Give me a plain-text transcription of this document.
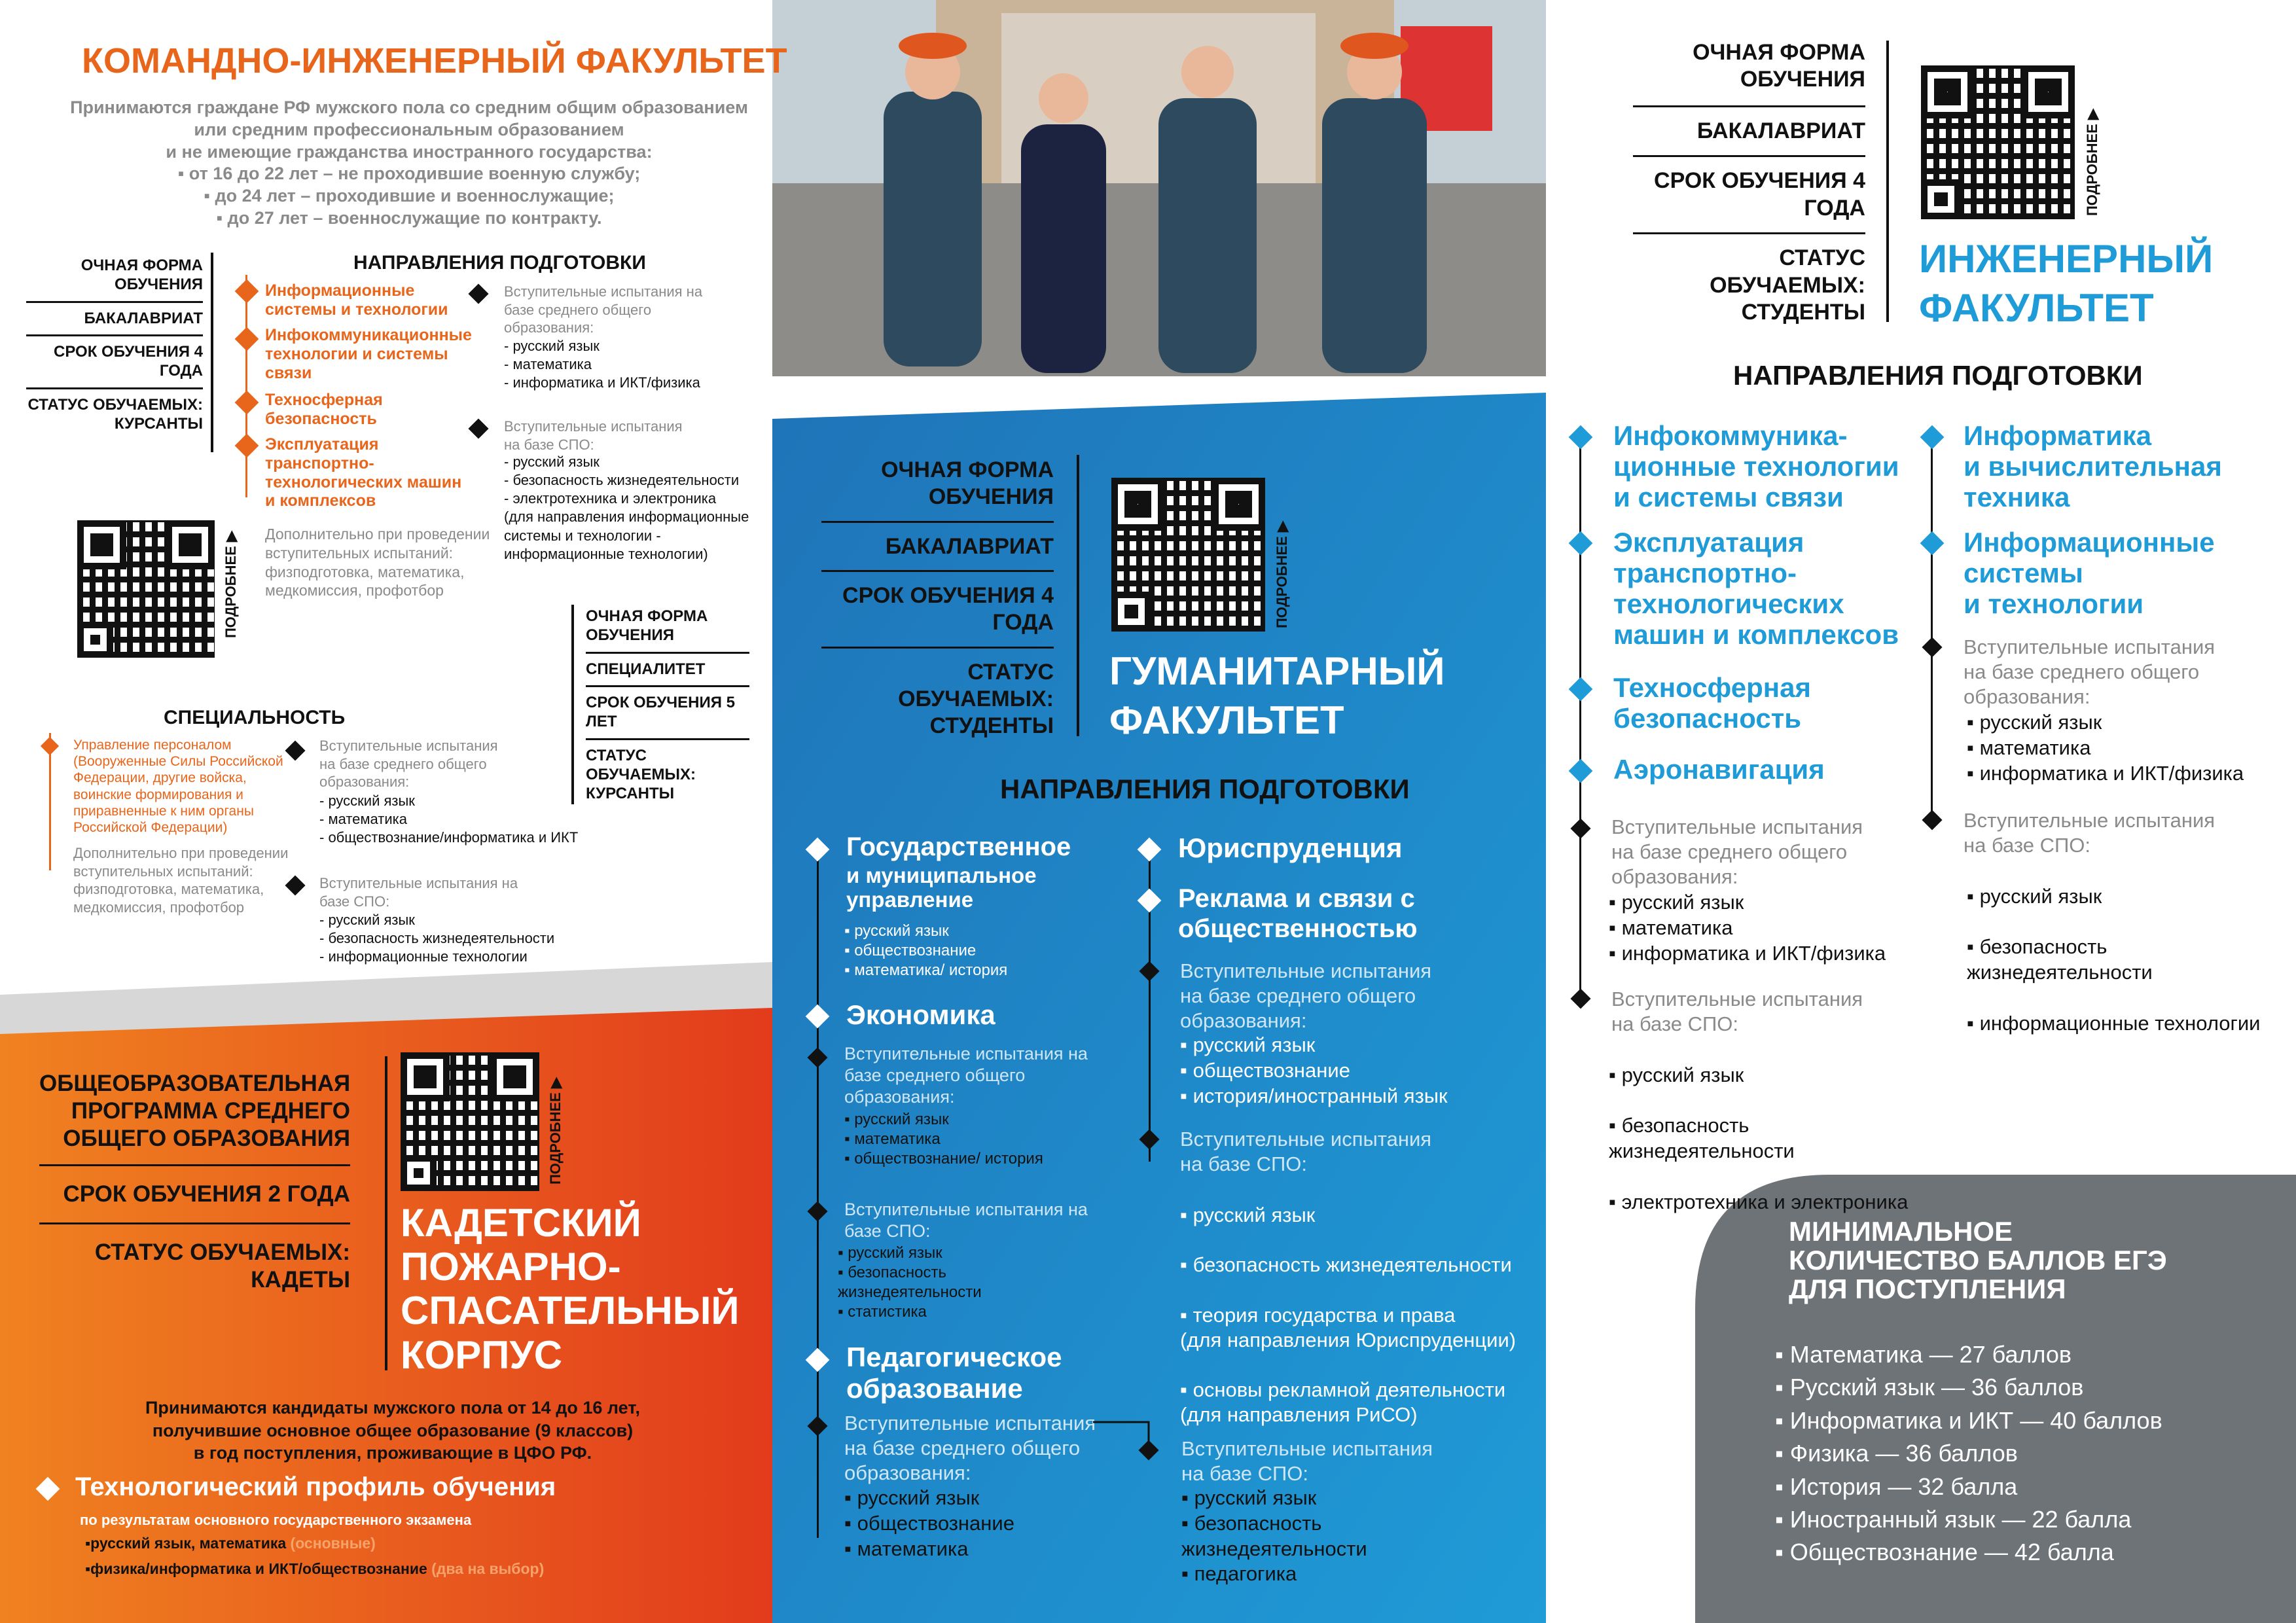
КОМАНДНО-ИНЖЕНЕРНЫЙ ФАКУЛЬТЕТ
Принимаются граждане РФ мужского пола со средним общим образованием
или средним профессиональным образованием
и не имеющие гражданства иностранного государства:
▪ от 16 до 22 лет – не проходившие военную службу;
▪ до 24 лет – проходившие и военнослужащие;
▪ до 27 лет – военнослужащие по контракту.
ОЧНАЯ ФОРМА ОБУЧЕНИЯ
БАКАЛАВРИАТ
СРОК ОБУЧЕНИЯ 4 ГОДА
СТАТУС ОБУЧАЕМЫХ: КУРСАНТЫ
НАПРАВЛЕНИЯ ПОДГОТОВКИ
Информационные системы и технологии
Инфокоммуникационные технологии и системы связи
Техносферная безопасность
Эксплуатация транспортно-технологических машин и комплексов
Дополнительно при проведении вступительных испытаний: физподготовка, математика, медкомиссия, профотбор
Вступительные испытания на базе среднего общего образования:
- русский язык
- математика
- информатика и ИКТ/физика
Вступительные испытания на базе СПО:
- русский язык
- безопасность жизнедеятельности
- электротехника и электроника
(для направления информационные системы и технологии - информационные технологии)
ПОДРОБНЕЕ ▶	ОЧНАЯ ФОРМА ОБУЧЕНИЯ
СПЕЦИАЛИТЕТ
СРОК ОБУЧЕНИЯ 5 ЛЕТ
СТАТУС ОБУЧАЕМЫХ: КУРСАНТЫ
СПЕЦИАЛЬНОСТЬ
Управление персоналом (Вооруженные Силы Российской Федерации, другие войска, воинские формирования и приравненные к ним органы Российской Федерации)
Дополнительно при проведении вступительных испытаний: физподготовка, математика, медкомиссия, профотбор
Вступительные испытания на базе среднего общего образования:
- русский язык
- математика
- обществознание/информатика и ИКТ
Вступительные испытания на базе СПО:
- русский язык
- безопасность жизнедеятельности
- информационные технологии
ОБЩЕОБРАЗОВАТЕЛЬНАЯ ПРОГРАММА СРЕДНЕГО ОБЩЕГО ОБРАЗОВАНИЯ
СРОК ОБУЧЕНИЯ 2 ГОДА
СТАТУС ОБУЧАЕМЫХ: КАДЕТЫ
ПОДРОБНЕЕ ▶
КАДЕТСКИЙ ПОЖАРНО-СПАСАТЕЛЬНЫЙ КОРПУС
Принимаются кандидаты мужского пола от 14 до 16 лет,
получившие основное общее образование (9 классов)
в год поступления, проживающие в ЦФО РФ.
Технологический профиль обучения
по результатам основного государственного экзамена
▪русский язык, математика (основные)
▪физика/информатика и ИКТ/обществознание (два на выбор)
ОЧНАЯ ФОРМА ОБУЧЕНИЯ
БАКАЛАВРИАТ
СРОК ОБУЧЕНИЯ 4 ГОДА
СТАТУС ОБУЧАЕМЫХ: СТУДЕНТЫ
ПОДРОБНЕЕ ▶
ГУМАНИТАРНЫЙ ФАКУЛЬТЕТ
НАПРАВЛЕНИЯ ПОДГОТОВКИ
Государственное
и муниципальное управление
▪ русский язык
▪ обществознание
▪ математика/ история
Экономика
Вступительные испытания на базе среднего общего образования:
▪ русский язык
▪ математика
▪ обществознание/ история
Вступительные испытания на базе СПО:
▪ русский язык
▪ безопасность жизнедеятельности
▪ статистика
Педагогическое образование
Вступительные испытания на базе среднего общего образования:
▪ русский язык
▪ обществознание
▪ математика
Вступительные испытания на базе СПО:
▪ русский язык
▪ безопасность жизнедеятельности
▪ педагогика
Юриспруденция
Реклама и связи с общественностью
Вступительные испытания на базе среднего общего образования:
▪ русский язык
▪ обществознание
▪ история/иностранный язык
Вступительные испытания на базе СПО:

▪ русский язык

▪ безопасность жизнедеятельности

▪ теория государства и права
(для направления Юриспруденции)

▪ основы рекламной деятельности
(для направления РиСО)

ОЧНАЯ ФОРМА ОБУЧЕНИЯ
БАКАЛАВРИАТ
СРОК ОБУЧЕНИЯ 4 ГОДА
СТАТУС ОБУЧАЕМЫХ: СТУДЕНТЫ
ПОДРОБНЕЕ ▶
ИНЖЕНЕРНЫЙ ФАКУЛЬТЕТ
НАПРАВЛЕНИЯ ПОДГОТОВКИ
Инфокоммуника-
ционные технологии
и системы связи
Эксплуатация
транспортно-
технологических
машин и комплексов
Техносферная
безопасность
Аэронавигация
Вступительные испытания на базе среднего общего образования:
▪ русский язык
▪ математика
▪ информатика и ИКТ/физика
Вступительные испытания на базе СПО:

▪ русский язык

▪ безопасность
жизнедеятельности

▪ электротехника и электроника

Информатика
и вычислительная
техника
Информационные
системы
и технологии
Вступительные испытания на базе среднего общего образования:
▪ русский язык
▪ математика
▪ информатика и ИКТ/физика
Вступительные испытания на базе СПО:

▪ русский язык

▪ безопасность
жизнедеятельности

▪ информационные технологии

МИНИМАЛЬНОЕ
КОЛИЧЕСТВО БАЛЛОВ ЕГЭ
ДЛЯ ПОСТУПЛЕНИЯ
▪ Математика — 27 баллов
▪ Русский язык — 36 баллов
▪ Информатика и ИКТ — 40 баллов
▪ Физика — 36 баллов
▪ История — 32 балла
▪ Иностранный язык — 22 балла
▪ Обществознание — 42 балла
